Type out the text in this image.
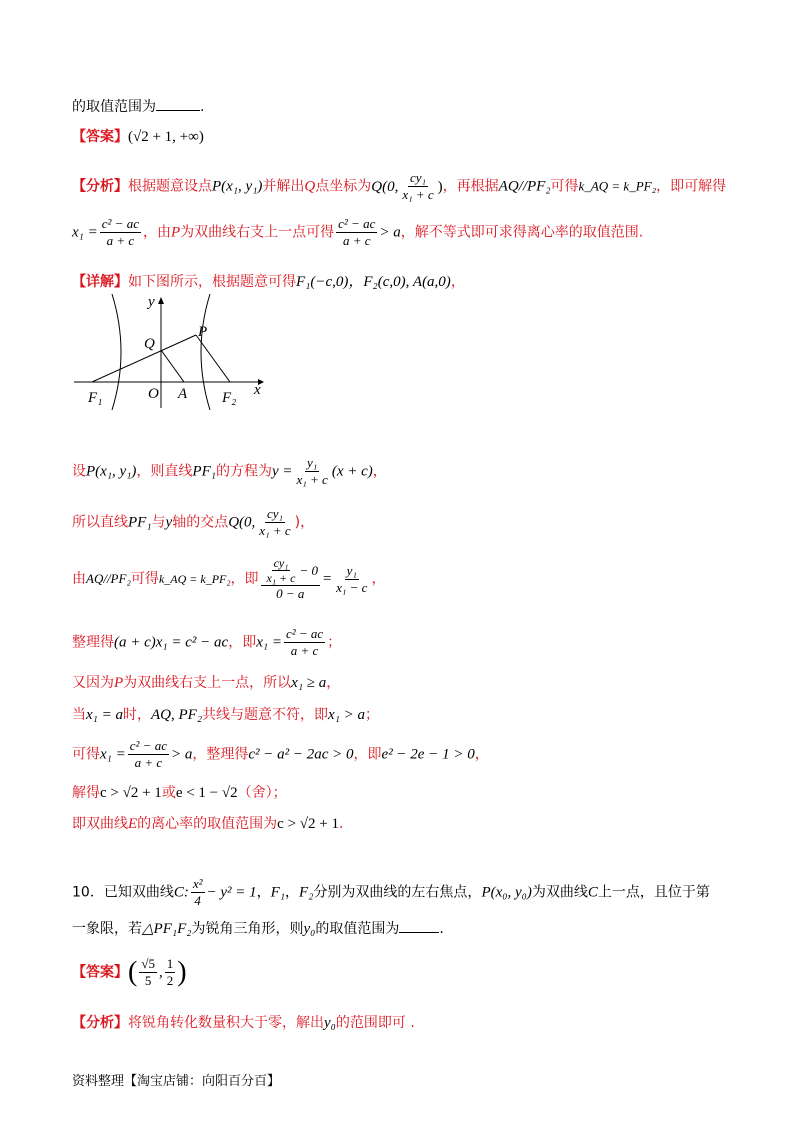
的取值范围为	.
【答案】(√2 + 1, +∞)
【分析】根据题意设点P(x₁, y₁)并解出Q点坐标为Q(0, $\frac{\text{cy₁}}{\text{x₁ + c}}$ )，再根据AQ//PF₂可得k_AQ = k_PF₂，即可解得
$x_1 = \frac{\text{c² − ac}}{a + c}$ ，由P为双曲线右支上一点可得 $\frac{\text{c² − ac}}{a + c} > a$，解不等式即可求得离心率的取值范围.
【详解】如下图所示，根据题意可得F₁(−c,0)，F₂(c,0), A(a,0)，
y
x
Q
P
F₁	O A F₂
设P(x₁, y₁)，则直线PF₁的方程为$y = \frac{\text{y₁}}{\text{x₁ + c}} (x + c)$，
所以直线PF₁与y轴的交点Q(0, $\frac{\text{cy₁}}{\text{x₁ + c}}$ )，
由AQ//PF₂可得k_AQ = k_PF₂，即 $\frac{\frac{\text{cy₁}}{\text{x₁ + c}} - 0}{0 - a} = \frac{\text{y₁}}{\text{x₁ − c}}$ ，
整理得(a + c)x₁ = c² − ac，即$x_1 = \frac{\text{c² − ac}}{a + c}$ ；
又因为P为双曲线右支上一点，所以x₁ ≥ a，
当x₁ = a时，AQ, PF₂共线与题意不符，即x₁ > a；
可得$x_1 = \frac{\text{c² − ac}}{a + c} > a$，整理得c² − a² − 2ac > 0，即e² − 2e − 1 > 0，
解得c > √2 + 1或e < 1 − √2（舍）；
即双曲线E的离心率的取值范围为c > √2 + 1.
10．已知双曲线C: $\frac{\text{x²}}{4} - y^2 = 1$，F₁，F₂分别为双曲线的左右焦点，P(x₀, y₀)为双曲线C上一点，且位于第
一象限，若△PF₁F₂为锐角三角形，则y₀的取值范围为	.
【答案】( $\frac{√5}{5}$ , $\frac{1}{2}$ )
【分析】将锐角转化数量积大于零，解出y₀的范围即可 .
资料整理【淘宝店铺：向阳百分百】
